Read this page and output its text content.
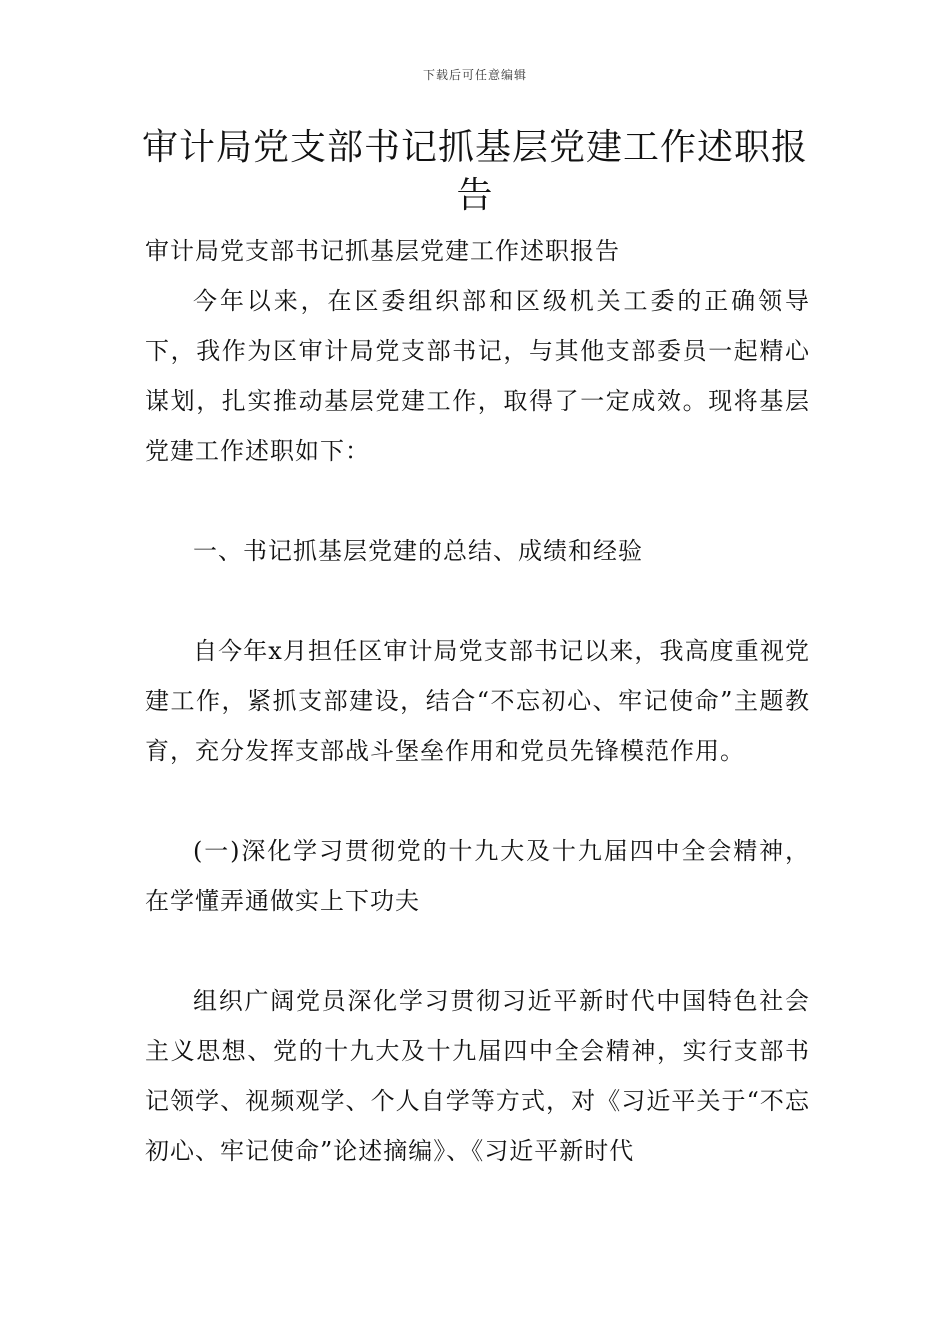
下载后可任意编辑
审计局党支部书记抓基层党建工作述职报告

审计局党支部书记抓基层党建工作述职报告

今年以来，在区委组织部和区级机关工委的正确领导下，我作为区审计局党支部书记，与其他支部委员一起精心谋划，扎实推动基层党建工作，取得了一定成效。现将基层党建工作述职如下：

一、书记抓基层党建的总结、成绩和经验

自今年x月担任区审计局党支部书记以来，我高度重视党建工作，紧抓支部建设，结合“不忘初心、牢记使命”主题教育，充分发挥支部战斗堡垒作用和党员先锋模范作用。

(一)深化学习贯彻党的十九大及十九届四中全会精神，在学懂弄通做实上下功夫

组织广阔党员深化学习贯彻习近平新时代中国特色社会主义思想、党的十九大及十九届四中全会精神，实行支部书记领学、视频观学、个人自学等方式，对《习近平关于“不忘初心、牢记使命”论述摘编》、《习近平新时代
